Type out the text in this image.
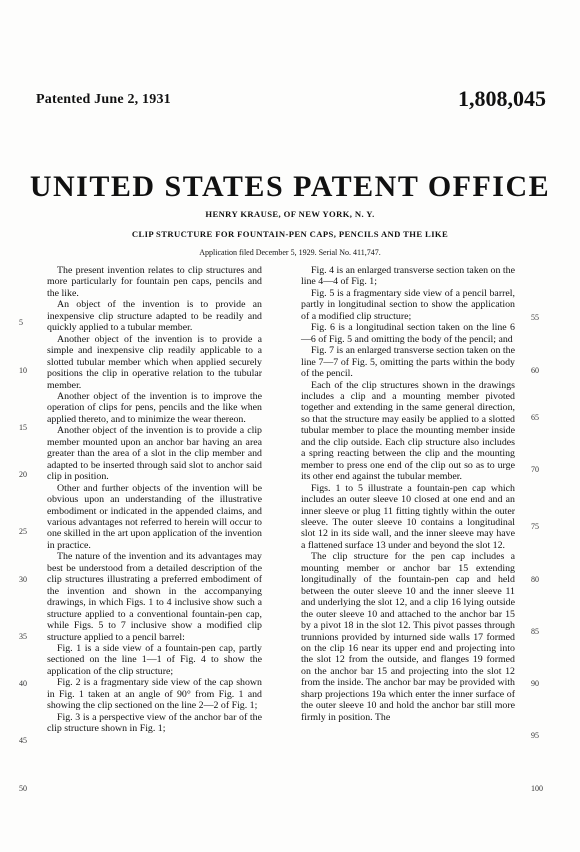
Patented June 2, 1931	1,808,045
UNITED STATES PATENT OFFICE
HENRY KRAUSE, OF NEW YORK, N. Y.
CLIP STRUCTURE FOR FOUNTAIN-PEN CAPS, PENCILS AND THE LIKE
Application filed December 5, 1929. Serial No. 411,747.

The present invention relates to clip structures and more particularly for fountain pen caps, pencils and the like.

An object of the invention is to provide an inexpensive clip structure adapted to be readily and quickly applied to a tubular member.

Another object of the invention is to provide a simple and inexpensive clip readily applicable to a slotted tubular member which when applied securely positions the clip in operative relation to the tubular member.

Another object of the invention is to improve the operation of clips for pens, pencils and the like when applied thereto, and to minimize the wear thereon.

Another object of the invention is to provide a clip member mounted upon an anchor bar having an area greater than the area of a slot in the clip member and adapted to be inserted through said slot to anchor said clip in position.

Other and further objects of the invention will be obvious upon an understanding of the illustrative embodiment or indicated in the appended claims, and various advantages not referred to herein will occur to one skilled in the art upon application of the invention in practice.

The nature of the invention and its advantages may best be understood from a detailed description of the clip structures illustrating a preferred embodiment of the invention and shown in the accompanying drawings, in which Figs. 1 to 4 inclusive show such a structure applied to a conventional fountain-pen cap, while Figs. 5 to 7 inclusive show a modified clip structure applied to a pencil barrel:

Fig. 1 is a side view of a fountain-pen cap, partly sectioned on the line 1—1 of Fig. 4 to show the application of the clip structure;

Fig. 2 is a fragmentary side view of the cap shown in Fig. 1 taken at an angle of 90° from Fig. 1 and showing the clip sectioned on the line 2—2 of Fig. 1;

Fig. 3 is a perspective view of the anchor bar of the clip structure shown in Fig. 1;

Fig. 4 is an enlarged transverse section taken on the line 4—4 of Fig. 1;

Fig. 5 is a fragmentary side view of a pencil barrel, partly in longitudinal section to show the application of a modified clip structure;

Fig. 6 is a longitudinal section taken on the line 6—6 of Fig. 5 and omitting the body of the pencil; and

Fig. 7 is an enlarged transverse section taken on the line 7—7 of Fig. 5, omitting the parts within the body of the pencil.

Each of the clip structures shown in the drawings includes a clip and a mounting member pivoted together and extending in the same general direction, so that the structure may easily be applied to a slotted tubular member to place the mounting member inside and the clip outside. Each clip structure also includes a spring reacting between the clip and the mounting member to press one end of the clip out so as to urge its other end against the tubular member.

Figs. 1 to 5 illustrate a fountain-pen cap which includes an outer sleeve 10 closed at one end and an inner sleeve or plug 11 fitting tightly within the outer sleeve. The outer sleeve 10 contains a longitudinal slot 12 in its side wall, and the inner sleeve may have a flattened surface 13 under and beyond the slot 12.

The clip structure for the pen cap includes a mounting member or anchor bar 15 extending longitudinally of the fountain-pen cap and held between the outer sleeve 10 and the inner sleeve 11 and underlying the slot 12, and a clip 16 lying outside the outer sleeve 10 and attached to the anchor bar 15 by a pivot 18 in the slot 12. This pivot passes through trunnions provided by inturned side walls 17 formed on the clip 16 near its upper end and projecting into the slot 12 from the outside, and flanges 19 formed on the anchor bar 15 and projecting into the slot 12 from the inside. The anchor bar may be provided with sharp projections 19a which enter the inner surface of the outer sleeve 10 and hold the anchor bar still more firmly in position. The

5
10
15
20
25
30
35
40
45
50
55
60
65
70
75
80
85
90
95
100
